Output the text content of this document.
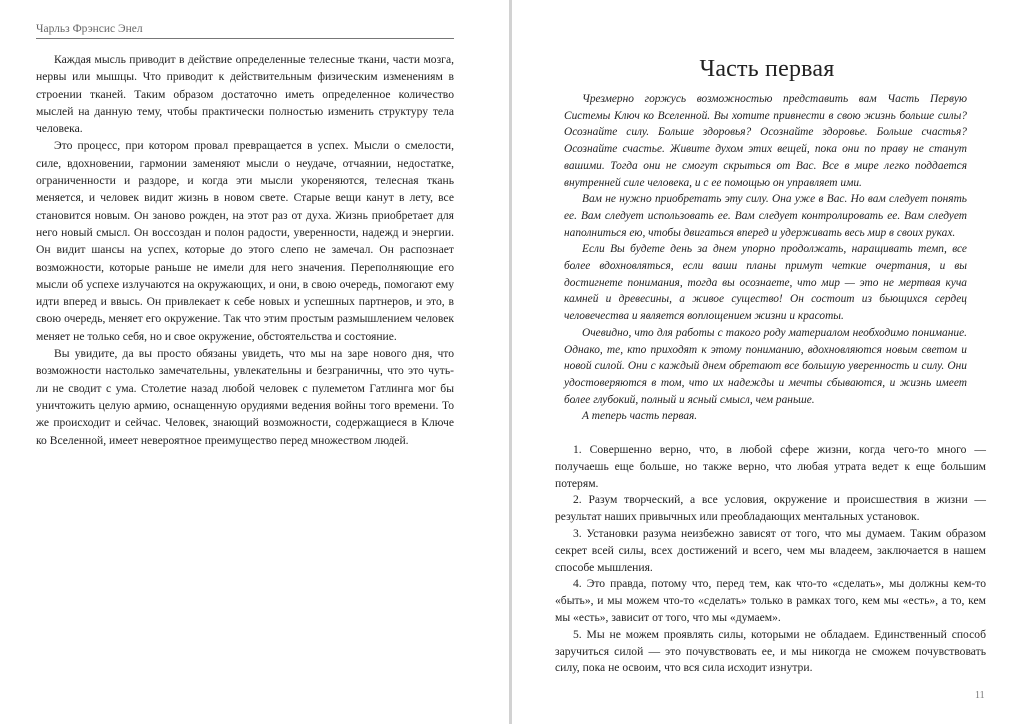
Чарльз Фрэнсис Энел

Каждая мысль приводит в действие определенные телесные ткани, части мозга, нервы или мышцы. Что приводит к действительным физическим изменениям в строении тканей. Таким образом достаточно иметь определенное количество мыслей на данную тему, чтобы практически полностью изменить структуру тела человека.

Это процесс, при котором провал превращается в успех. Мысли о смелости, силе, вдохновении, гармонии заменяют мысли о неудаче, отчаянии, недостатке, ограниченности и раздоре, и когда эти мысли укореняются, телесная ткань меняется, и человек видит жизнь в новом свете. Старые вещи канут в лету, все становится новым. Он заново рожден, на этот раз от духа. Жизнь приобретает для него новый смысл. Он воссоздан и полон радости, уверенности, надежд и энергии. Он видит шансы на успех, которые до этого слепо не замечал. Он распознает возможности, которые раньше не имели для него значения. Переполняющие его мысли об успехе излучаются на окружающих, и они, в свою очередь, помогают ему идти вперед и ввысь. Он привлекает к себе новых и успешных партнеров, и это, в свою очередь, меняет его окружение. Так что этим простым размышлением человек меняет не только себя, но и свое окружение, обстоятельства и состояние.

Вы увидите, да вы просто обязаны увидеть, что мы на заре нового дня, что возможности настолько замечательны, увлекательны и безграничны, что это чуть-ли не сводит с ума. Столетие назад любой человек с пулеметом Гатлинга мог бы уничтожить целую армию, оснащенную орудиями ведения войны того времени. То же происходит и сейчас. Человек, знающий возможности, содержащиеся в Ключе ко Вселенной, имеет невероятное преимущество перед множеством людей.

Часть первая

Чрезмерно горжусь возможностью представить вам Часть Первую Системы Ключ ко Вселенной. Вы хотите привнести в свою жизнь больше силы? Осознайте силу. Больше здоровья? Осознайте здоровье. Больше счастья? Осознайте счастье. Живите духом этих вещей, пока они по праву не станут вашими. Тогда они не смогут скрыться от Вас. Все в мире легко поддается внутренней силе человека, и с ее помощью он управляет ими.

Вам не нужно приобретать эту силу. Она уже в Вас. Но вам следует понять ее. Вам следует использовать ее. Вам следует контролировать ее. Вам следует наполниться ею, чтобы двигаться вперед и удерживать весь мир в своих руках.

Если Вы будете день за днем упорно продолжать, наращивать темп, все более вдохновляться, если ваши планы примут четкие очертания, и вы достигнете понимания, тогда вы осознаете, что мир — это не мертвая куча камней и древесины, а живое существо! Он состоит из бьющихся сердец человечества и является воплощением жизни и красоты.

Очевидно, что для работы с такого роду материалом необходимо понимание. Однако, те, кто приходят к этому пониманию, вдохновляются новым светом и новой силой. Они с каждый днем обретают все большую уверенность и силу. Они удостоверяются в том, что их надежды и мечты сбываются, и жизнь имеет более глубокий, полный и ясный смысл, чем раньше.

А теперь часть первая.

1. Совершенно верно, что, в любой сфере жизни, когда чего-то много — получаешь еще больше, но также верно, что любая утрата ведет к еще большим потерям.

2. Разум творческий, а все условия, окружение и происшествия в жизни — результат наших привычных или преобладающих ментальных установок.

3. Установки разума неизбежно зависят от того, что мы думаем. Таким образом секрет всей силы, всех достижений и всего, чем мы владеем, заключается в нашем способе мышления.

4. Это правда, потому что, перед тем, как что-то «сделать», мы должны кем-то «быть», и мы можем что-то «сделать» только в рамках того, кем мы «есть», а то, кем мы «есть», зависит от того, что мы «думаем».

5. Мы не можем проявлять силы, которыми не обладаем. Единственный способ заручиться силой — это почувствовать ее, и мы никогда не сможем почувствовать силу, пока не освоим, что вся сила исходит изнутри.

11
